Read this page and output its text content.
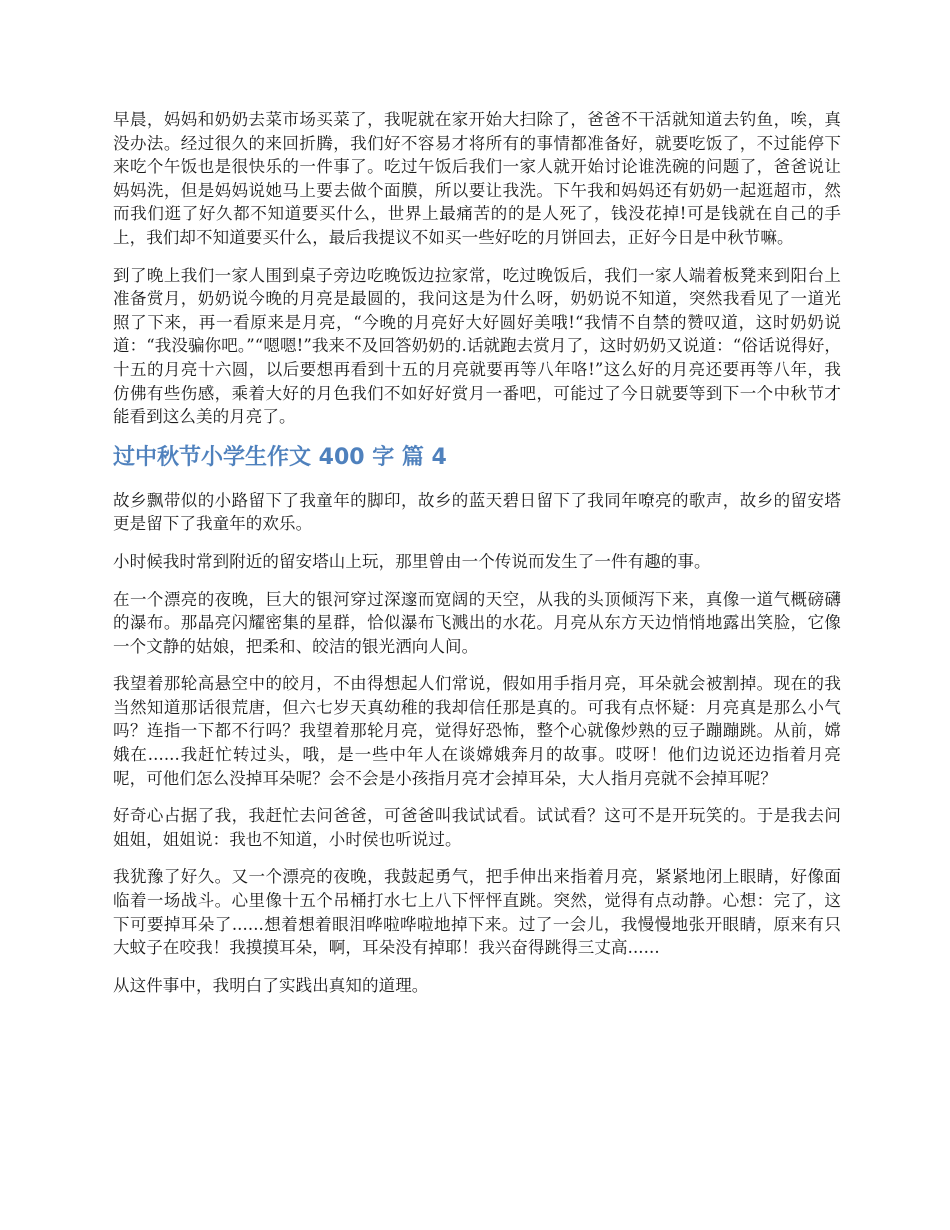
早晨，妈妈和奶奶去菜市场买菜了，我呢就在家开始大扫除了，爸爸不干活就知道去钓鱼，唉，真没办法。经过很久的来回折腾，我们好不容易才将所有的事情都准备好，就要吃饭了，不过能停下来吃个午饭也是很快乐的一件事了。吃过午饭后我们一家人就开始讨论谁洗碗的问题了，爸爸说让妈妈洗，但是妈妈说她马上要去做个面膜，所以要让我洗。下午我和妈妈还有奶奶一起逛超市，然而我们逛了好久都不知道要买什么，世界上最痛苦的的是人死了，钱没花掉!可是钱就在自己的手上，我们却不知道要买什么，最后我提议不如买一些好吃的月饼回去，正好今日是中秋节嘛。

到了晚上我们一家人围到桌子旁边吃晚饭边拉家常，吃过晚饭后，我们一家人端着板凳来到阳台上准备赏月，奶奶说今晚的月亮是最圆的，我问这是为什么呀，奶奶说不知道，突然我看见了一道光照了下来，再一看原来是月亮，“今晚的月亮好大好圆好美哦!“我情不自禁的赞叹道，这时奶奶说道：“我没骗你吧。”“嗯嗯!”我来不及回答奶奶的.话就跑去赏月了，这时奶奶又说道：“俗话说得好，十五的月亮十六圆，以后要想再看到十五的月亮就要再等八年咯!”这么好的月亮还要再等八年，我仿佛有些伤感，乘着大好的月色我们不如好好赏月一番吧，可能过了今日就要等到下一个中秋节才能看到这么美的月亮了。

过中秋节小学生作文 400 字 篇 4

故乡飘带似的小路留下了我童年的脚印，故乡的蓝天碧日留下了我同年嘹亮的歌声，故乡的留安塔更是留下了我童年的欢乐。

小时候我时常到附近的留安塔山上玩，那里曾由一个传说而发生了一件有趣的事。

在一个漂亮的夜晚，巨大的银河穿过深邃而宽阔的天空，从我的头顶倾泻下来，真像一道气概磅礴的瀑布。那晶亮闪耀密集的星群，恰似瀑布飞溅出的水花。月亮从东方天边悄悄地露出笑脸，它像一个文静的姑娘，把柔和、皎洁的银光洒向人间。

我望着那轮高悬空中的皎月，不由得想起人们常说，假如用手指月亮，耳朵就会被割掉。现在的我当然知道那话很荒唐，但六七岁天真幼稚的我却信任那是真的。可我有点怀疑：月亮真是那么小气吗？连指一下都不行吗？我望着那轮月亮，觉得好恐怖，整个心就像炒熟的豆子蹦蹦跳。从前，嫦娥在......我赶忙转过头，哦，是一些中年人在谈嫦娥奔月的故事。哎呀！他们边说还边指着月亮呢，可他们怎么没掉耳朵呢？会不会是小孩指月亮才会掉耳朵，大人指月亮就不会掉耳呢？

好奇心占据了我，我赶忙去问爸爸，可爸爸叫我试试看。试试看？这可不是开玩笑的。于是我去问姐姐，姐姐说：我也不知道，小时侯也听说过。

我犹豫了好久。又一个漂亮的夜晚，我鼓起勇气，把手伸出来指着月亮，紧紧地闭上眼睛，好像面临着一场战斗。心里像十五个吊桶打水七上八下怦怦直跳。突然，觉得有点动静。心想：完了，这下可要掉耳朵了......想着想着眼泪哗啦哗啦地掉下来。过了一会儿，我慢慢地张开眼睛，原来有只大蚊子在咬我！我摸摸耳朵，啊，耳朵没有掉耶！我兴奋得跳得三丈高......

从这件事中，我明白了实践出真知的道理。
